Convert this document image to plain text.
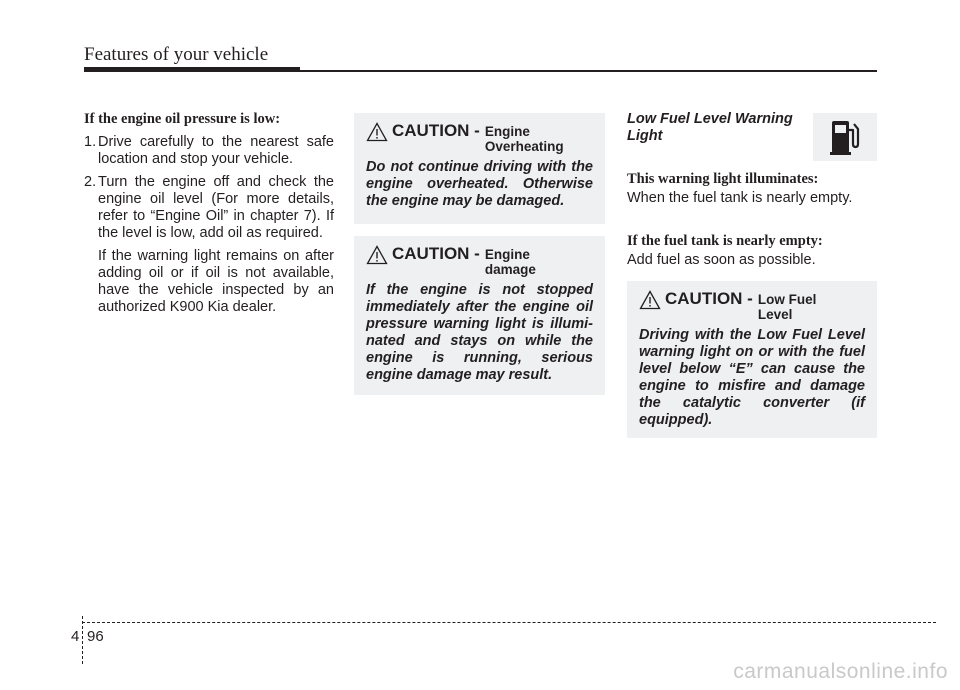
Features of your vehicle

If the engine oil pressure is low:

1. Drive carefully to the nearest safe location and stop your vehicle.
2. Turn the engine off and check the engine oil level (For more details, refer to “Engine Oil” in chapter 7). If the level is low, add oil as required.
If the warning light remains on after adding oil or if oil is not available, have the vehicle inspected by an authorized K900 Kia dealer.
CAUTION - Engine
Overheating
Do not continue driving with the engine overheated. Otherwise the engine may be damaged.
CAUTION - Engine
damage
If the engine is not stopped immediately after the engine oil pressure warning light is illumi-nated and stays on while the engine is running, serious engine damage may result.

Low Fuel Level Warning Light

This warning light illuminates:
When the fuel tank is nearly empty.
If the fuel tank is nearly empty:
Add fuel as soon as possible.
CAUTION - Low Fuel
Level
Driving with the Low Fuel Level warning light on or with the fuel level below “E” can cause the engine to misfire and damage the catalytic converter (if equipped).
4 96
carmanualsonline.info
